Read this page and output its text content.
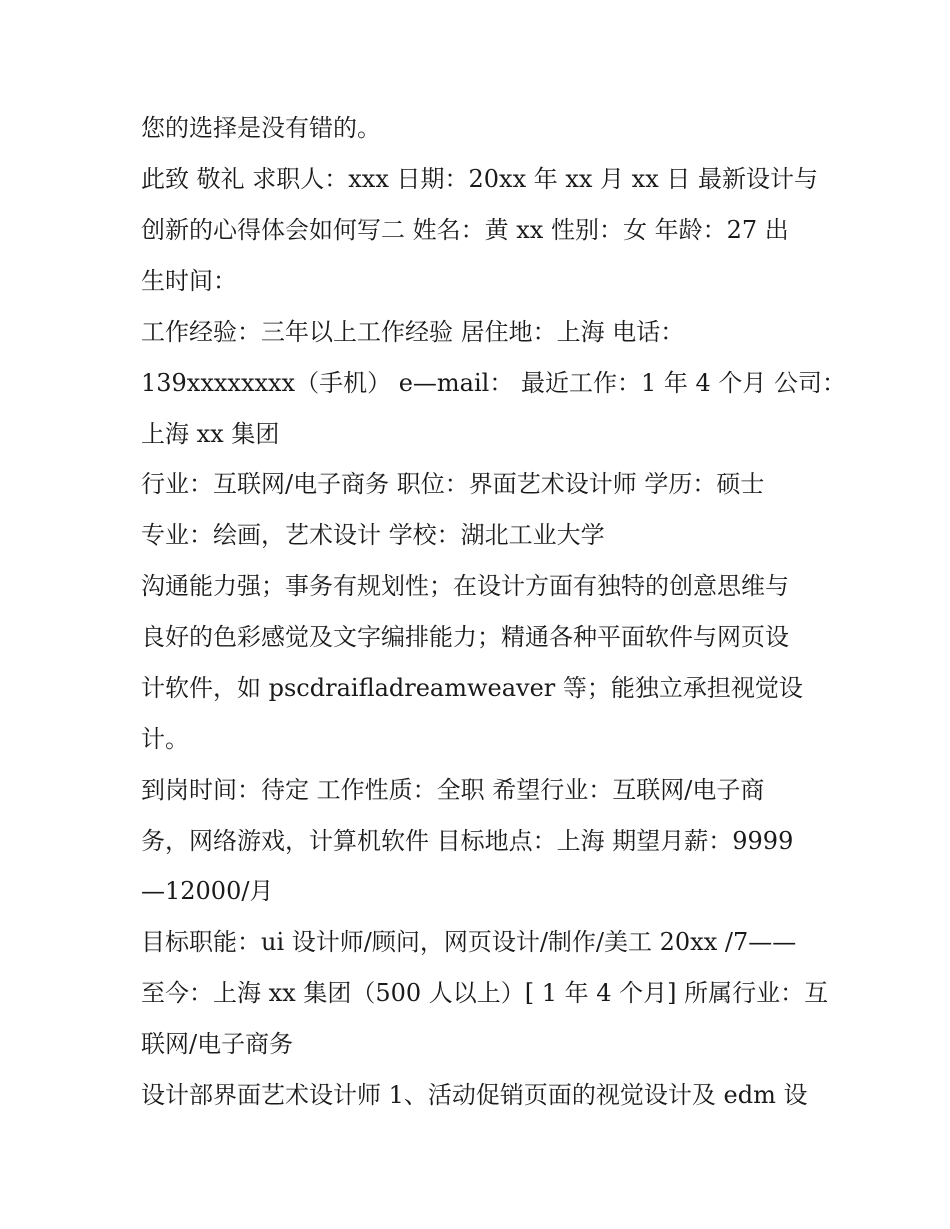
您的选择是没有错的。
此致 敬礼 求职人：xxx 日期：20xx 年 xx 月 xx 日 最新设计与
创新的心得体会如何写二 姓名：黄 xx 性别：女 年龄：27 出
生时间：
工作经验：三年以上工作经验 居住地：上海 电话：
139xxxxxxxx（手机） e—mail： 最近工作：1 年 4 个月 公司：
上海 xx 集团
行业：互联网/电子商务 职位：界面艺术设计师 学历：硕士
专业：绘画，艺术设计 学校：湖北工业大学
沟通能力强；事务有规划性；在设计方面有独特的创意思维与
良好的色彩感觉及文字编排能力；精通各种平面软件与网页设
计软件，如 pscdraifladreamweaver 等；能独立承担视觉设
计。
到岗时间：待定 工作性质：全职 希望行业：互联网/电子商
务，网络游戏，计算机软件 目标地点：上海 期望月薪：9999
—12000/月
目标职能：ui 设计师/顾问，网页设计/制作/美工 20xx /7——
至今：上海 xx 集团（500 人以上）[ 1 年 4 个月] 所属行业：互
联网/电子商务
设计部界面艺术设计师 1、活动促销页面的视觉设计及 edm 设
